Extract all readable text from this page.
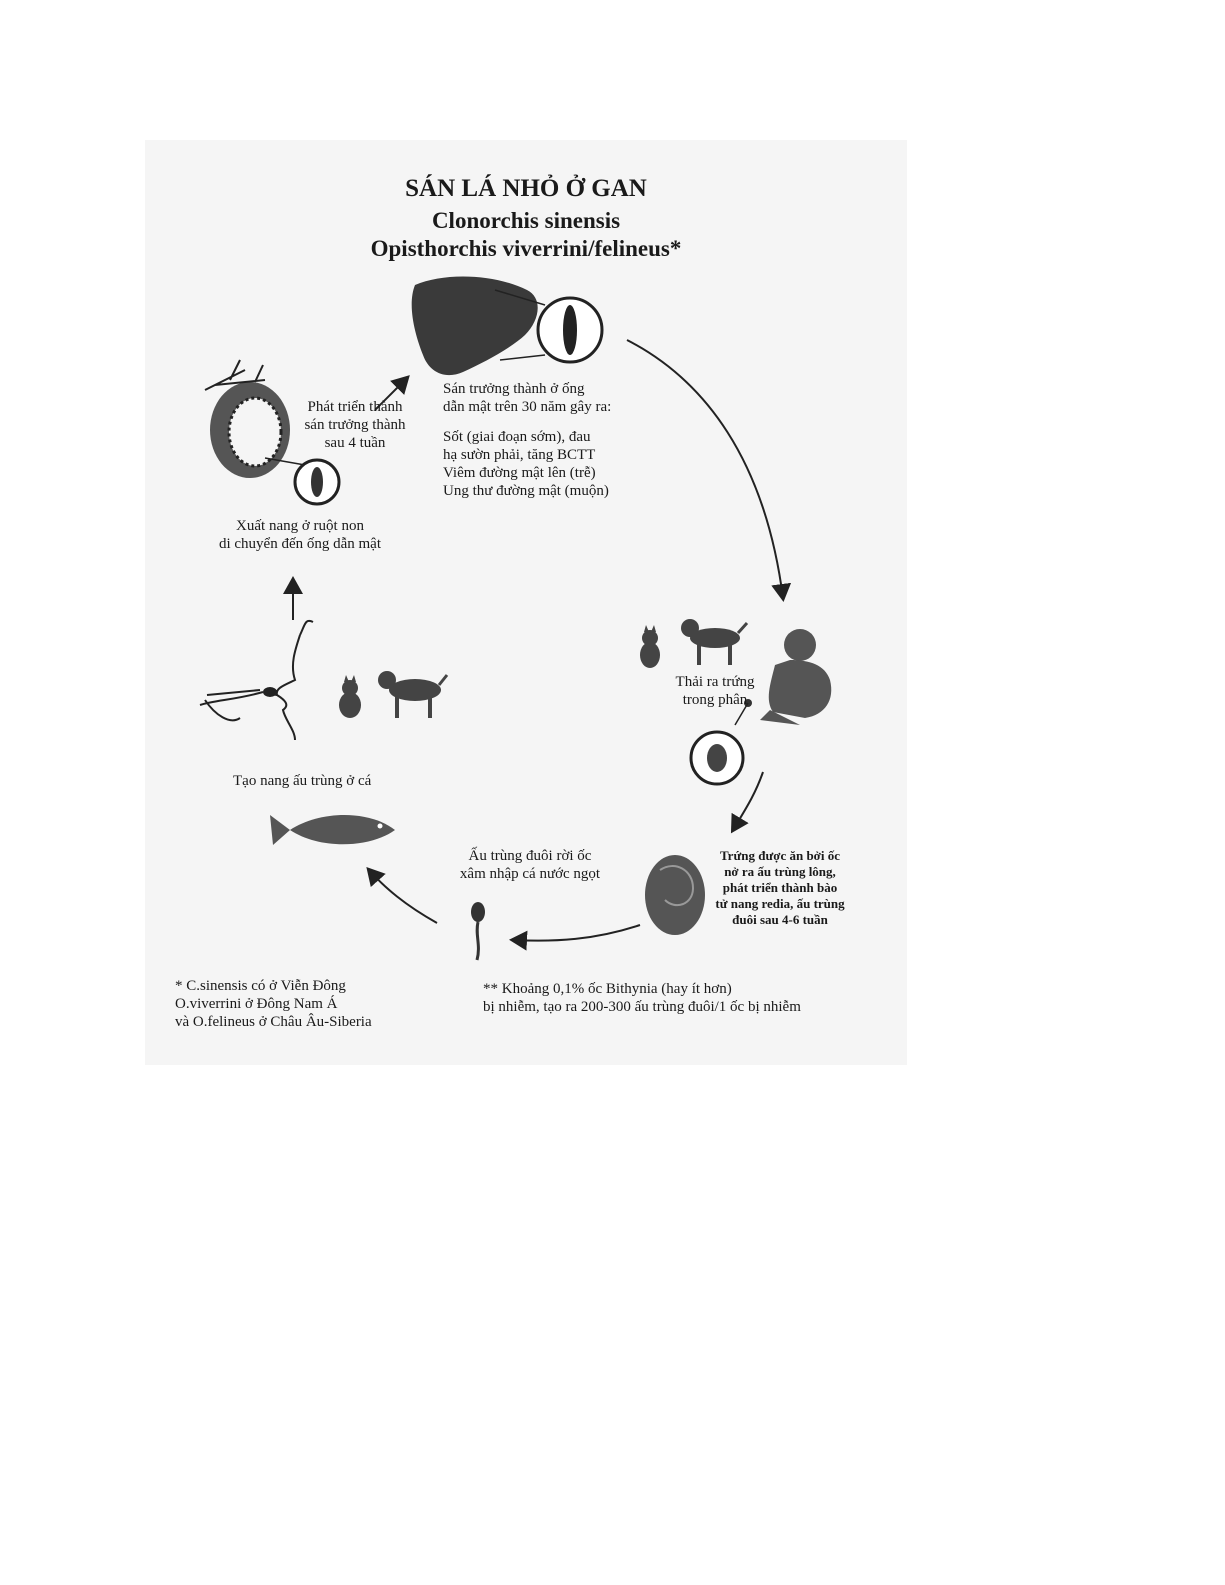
SÁN LÁ NHỎ Ở GAN
Clonorchis sinensis
Opisthorchis viverrini/felineus*
Sán trưởng thành ở ống
dẫn mật trên 30 năm gây ra:
Sốt (giai đoạn sớm), đau
hạ sườn phải, tăng BCTT
Viêm đường mật lên (trễ)
Ung thư đường mật (muộn)
Phát triển thành
sán trưởng thành
sau 4 tuần
Xuất nang ở ruột non
di chuyển đến ống dẫn mật
Thải ra trứng
trong phân
Trứng được ăn bởi ốc
nở ra ấu trùng lông,
phát triển thành bào
tử nang redia, ấu trùng
đuôi sau 4-6 tuần
Ấu trùng đuôi rời ốc
xâm nhập cá nước ngọt
Tạo nang ấu trùng ở cá
* C.sinensis có ở Viễn Đông
O.viverrini ở Đông Nam Á
và O.felineus ở Châu Âu-Siberia
** Khoảng 0,1% ốc Bithynia (hay ít hơn)
bị nhiễm, tạo ra 200-300 ấu trùng đuôi/1 ốc bị nhiễm
